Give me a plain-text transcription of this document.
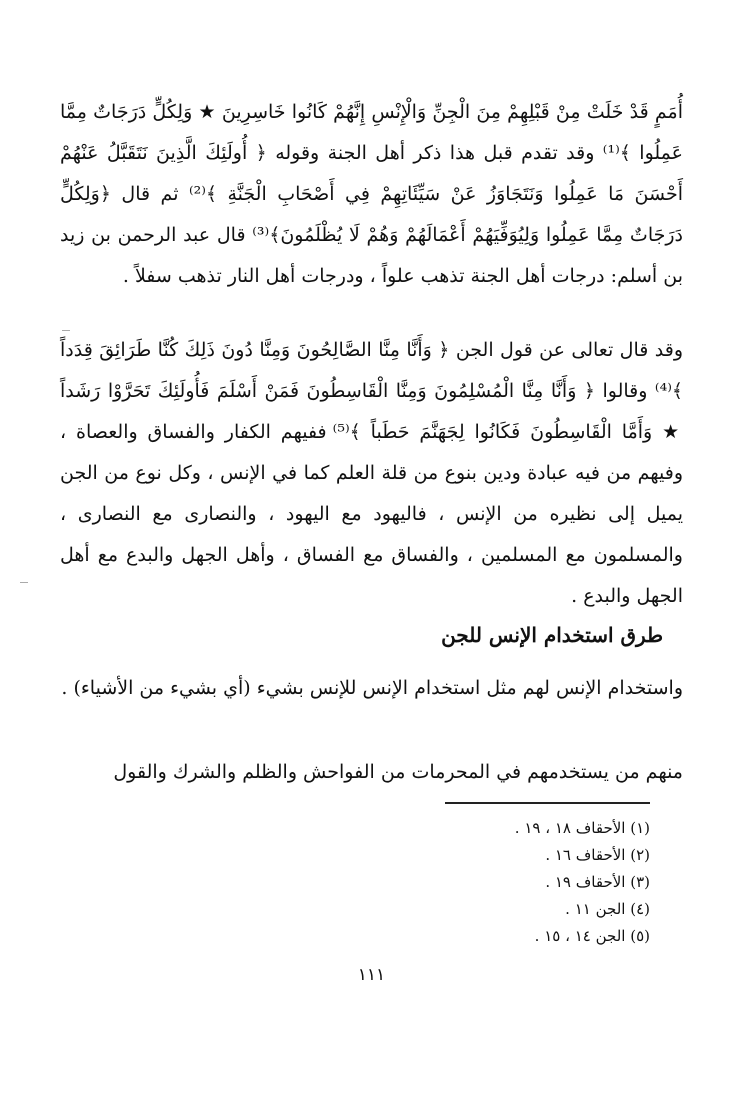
أُمَمٍ قَدْ خَلَتْ مِنْ قَبْلِهِمْ مِنَ الْجِنِّ وَالْإِنْسِ إِنَّهُمْ كَانُوا خَاسِرِينَ ★ وَلِكُلٍّ دَرَجَاتٌ مِمَّا عَمِلُوا ﴾⁽¹⁾ وقد تقدم قبل هذا ذكر أهل الجنة وقوله ﴿ أُولَئِكَ الَّذِينَ نَتَقَبَّلُ عَنْهُمْ أَحْسَنَ مَا عَمِلُوا وَنَتَجَاوَزُ عَنْ سَيِّئَاتِهِمْ فِي أَصْحَابِ الْجَنَّةِ ﴾⁽²⁾ ثم قال ﴿وَلِكُلٍّ دَرَجَاتٌ مِمَّا عَمِلُوا وَلِيُوَفِّيَهُمْ أَعْمَالَهُمْ وَهُمْ لَا يُظْلَمُونَ﴾⁽³⁾ قال عبد الرحمن بن زيد بن أسلم: درجات أهل الجنة تذهب علواً ، ودرجات أهل النار تذهب سفلاً .

وقد قال تعالى عن قول الجن ﴿ وَأَنَّا مِنَّا الصَّالِحُونَ وَمِنَّا دُونَ ذَلِكَ كُنَّا طَرَائِقَ قِدَداً ﴾⁽⁴⁾ وقالوا ﴿ وَأَنَّا مِنَّا الْمُسْلِمُونَ وَمِنَّا الْقَاسِطُونَ فَمَنْ أَسْلَمَ فَأُولَئِكَ تَحَرَّوْا رَشَداً ★ وَأَمَّا الْقَاسِطُونَ فَكَانُوا لِجَهَنَّمَ حَطَباً ﴾⁽⁵⁾ ففيهم الكفار والفساق والعصاة ، وفيهم من فيه عبادة ودين بنوع من قلة العلم كما في الإنس ، وكل نوع من الجن يميل إلى نظيره من الإنس ، فاليهود مع اليهود ، والنصارى مع النصارى ، والمسلمون مع المسلمين ، والفساق مع الفساق ، وأهل الجهل والبدع مع أهل الجهل والبدع .

طرق استخدام الإنس للجن

واستخدام الإنس لهم مثل استخدام الإنس للإنس بشيء (أي بشيء من الأشياء) .

منهم من يستخدمهم في المحرمات من الفواحش والظلم والشرك والقول

(١) الأحقاف ١٨ ، ١٩ .
(٢) الأحقاف ١٦ .
(٣) الأحقاف ١٩ .
(٤) الجن ١١ .
(٥) الجن ١٤ ، ١٥ .
١١١
